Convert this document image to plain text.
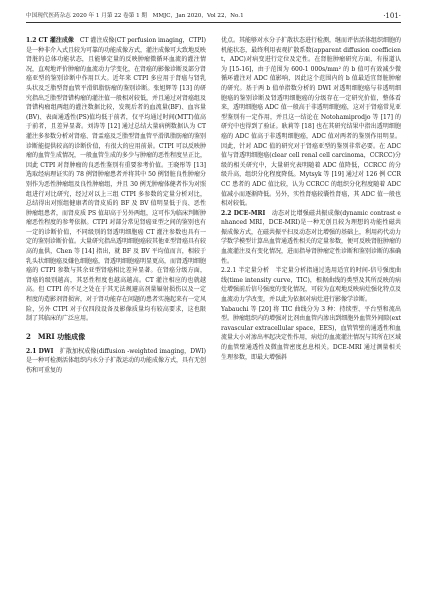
中国现代医药杂志 2020 年 1 月第 22 卷第 1 期　MMJC，Jan 2020，Vol 22，No.1	·101·

1.2 CT 灌注成像　 CT 灌注成像(CT perfusion imaging，CTPI)是一种非介入式且较为可靠的功能成像方式，灌注成像可大致地反映肾脏的总体功能状态，且能够定量的反映肿瘤微循环血流的灌注情况，直观地评价肿瘤的血流动力学变化，在肾癌的影像诊断及部分肾癌亚型的鉴别诊断中作用巨大。近年来 CTPI 多应用于肾癌与肾乳头状及乏脂型肾血管平滑肌脂肪瘤的鉴别诊断。张旭辉等 [13] 的研究指出乏脂型肾错构瘤的灌注值一般相对较低，并且通过对肾癌组及肾错构瘤组两组的灌注数据比较，发现后者的血流量(BF)、血容量(BV)、表面通透性(PS)值均低于前者，仅平均通过时间(MTT)值高于前者，且差异显著。刘涛等 [12] 通过总结大量病例数据认为 CT 灌注多参数分析对肾癌、肾盂癌及乏脂型肾血管平滑肌脂肪瘤的鉴别诊断能提供较高的诊断价值，有很大的应用前景。CTPI 可以反映肿瘤的血管生成情况，一般血管生成的多少与肿瘤的恶性程度呈正比，因此 CTPI 对肾肿瘤的良恶性鉴别有重要参考价值。王晓彤等 [13] 选取经病理证实的 78 例肾肿瘤患者并将其中 50 例肾脏良性肿瘤分别作为恶性肿瘤组及良性肿瘤组，并且 30 例无肿瘤体健者作为对照组进行对比研究，经过对以上三组 CTPI 多参数的定量分析对比，总结得出对照组健康者的肾皮质的 BF 及 BV 值明显低于良、恶性肿瘤组患者，而肾皮质 PS 值却高于另外两组，这可作为临床判断肿瘤恶性程度的参考依据。CTPI 对部分常见肾癌亚型之间的鉴别也有一定的诊断价值，不同级别的肾透明细胞癌 CT 灌注参数也具有一定的鉴别诊断价值。大量研究指出透明细胞癌较其他亚型肾癌具有较高的血供，Chen 等 [14] 指出，就 BF 及 BV 平均值而言，相较于乳头状细胞癌及嫌色细胞癌，肾透明细胞癌明显更高，而肾透明细胞癌的 CTPI 参数与其余亚型肾癌相比差异显著。在肾癌分级方面，肾癌的级别越高，其恶性程度也越高越高。CT 灌注相应的也就越高。但 CTPI 的不足之处在于其无法规避高剂量辐射损伤以及一定程度的造影剂肾损害，对于肾功能存在问题的患者实施起来有一定风险，另外 CTPI 对于仅四段设备及影像质量均有较高要求，这也限制了其临床的广泛应用。

2　MRI 功能成像

2.1 DWI　 扩散加权成像(diffusion -weighted imaging，DWI)是一种可检测活体组织内水分子扩散运动的功能成像方式，具有无创伤和可重复的

优点。其能够对水分子扩散状态进行检测，继而评估活体组织细胞的机能状态，最终利用表观扩散系数(apparent diffusion coefficient，ADC)对病变进行定位及定性。在肾脏肿瘤研究方面，有报道认为 [15-16]，由于范围为 600-1 000s/mm² 的 b 值可有效减少微循环灌注对 ADC 值影响，因此这个范围内的 b 值最适宜肾脏肿瘤的研究。基于两 b 值单指数分析的 DWI 对透明细胞癌与非透明细胞癌的鉴别诊断及肾透明细胞癌的分级存在一定研究价值，整体看来，透明细胞癌 ADC 值一般高于非透明细胞癌，这对于肾癌常见亚型鉴别有一定作用，并且这一结论在 Notohamiprodjo 等 [17] 的研究中也得到了验证。耿莉等 [18] 也在其研究结果中指出透明细胞癌的 ADC 值高于非透明细胞癌，ADC 值对两者的鉴别作用明显。因此，针对 ADC 值的研究对于肾癌亚型的鉴别非常必要。在 ADC 值与肾透明细胞癌(clear cell renal cell carcinoma，CCRCC)分级的相关研究中，大量研究表明随着 ADC 值降低，CCRCC 的分级升高，组织分化程度降低。Mytsyk 等 [19] 通过对 126 例 CCRCC 患者的 ADC 值比较，认为 CCRCC 的组织分化程度随着 ADC 值减小而逐渐降低。另外，实性肾癌较囊性肾癌，其 ADC 值一般也相对较低。

2.2 DCE-MRI　 动态对比增强磁共振成像(dynamic contrast enhanced MRI，DCE-MRI)是一种无创且较为理想的功能性磁共振成像方式，在磁共振平扫及动态对比增强的基础上，利用药代动力学数学模型计算出血管通透性相关的定量参数，便可反映肾脏肿瘤的血流灌注及有变化情况，进而指导肾肿瘤定性诊断和鉴别诊断的准确性。

2.2.1 半定量分析　半定量分析指通过选用适宜的时间-信号强度曲线(time intensity curve，TIC)，根据曲线的类型及其所反映的病灶增强前后信号强度的变化情况，可较为直观地反映病灶强化特点及血流动力学改变，并以此为依据对病灶进行影像学诊断。

Yabauchi 等 [20] 将 TIC 曲线分为 3 种：持续型、平台型和流出型。肿瘤组织内的增强对比剂由血管内渗出到细胞外血管外间隙(extravascular extracellular space，EES)，血管管壁的通透性和血流量大小对渗出率起决定性作用，病灶的血流灌注情况与其所在区域的血管壁通透性及微血管密度息息相关。DCE-MRI 通过测量相关生理参数，即最大增强斜
